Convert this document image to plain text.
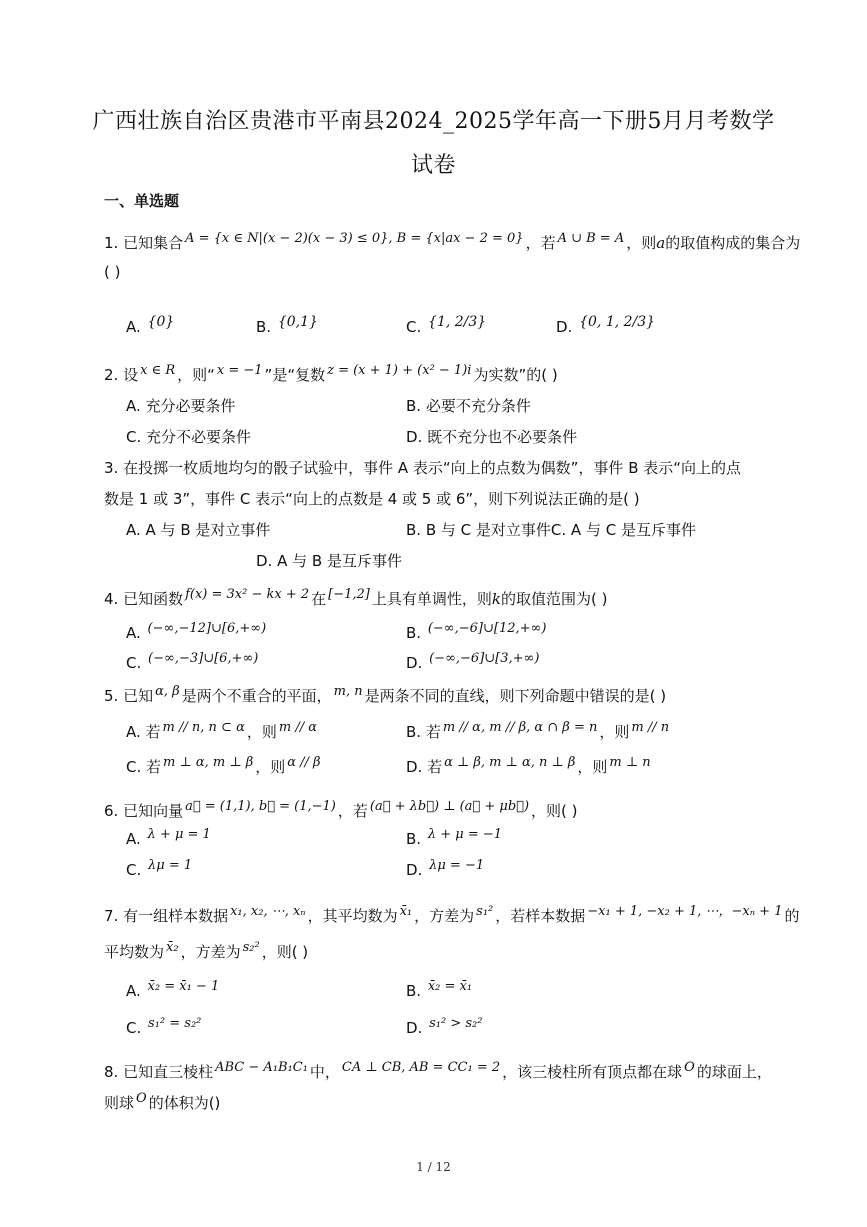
广西壮族自治区贵港市平南县2024_2025学年高一下册5月月考数学
试卷
一、单选题
1. 已知集合 A = {x ∈ N|(x − 2)(x − 3) ≤ 0}, B = {x|ax − 2 = 0} ，若 A ∪ B = A ，则a的取值构成的集合为
( )
A. {0}	B. {0,1}	C. {1, 2/3}	D. {0, 1, 2/3}
2. 设 x ∈ R ，则“ x = −1 ”是“复数 z = (x + 1) + (x² − 1)i 为实数”的( )
A. 充分必要条件	B. 必要不充分条件
C. 充分不必要条件	D. 既不充分也不必要条件
3. 在投掷一枚质地均匀的骰子试验中，事件 A 表示“向上的点数为偶数”，事件 B 表示“向上的点
数是 1 或 3”，事件 C 表示“向上的点数是 4 或 5 或 6”，则下列说法正确的是( )
A. A 与 B 是对立事件	B. B 与 C 是对立事件C. A 与 C 是互斥事件
D. A 与 B 是互斥事件
4. 已知函数 f(x) = 3x² − kx + 2 在 [−1,2] 上具有单调性，则k的取值范围为( )
A. (−∞,−12]∪[6,+∞)	B. (−∞,−6]∪[12,+∞)
C. (−∞,−3]∪[6,+∞)	D. (−∞,−6]∪[3,+∞)
5. 已知 α, β 是两个不重合的平面， m, n 是两条不同的直线，则下列命题中错误的是( )
A. 若 m // n, n ⊂ α ，则 m // α	B. 若 m // α, m // β, α ∩ β = n ，则 m // n
C. 若 m ⊥ α, m ⊥ β ，则 α // β	D. 若 α ⊥ β, m ⊥ α, n ⊥ β ，则 m ⊥ n
6. 已知向量 a⃗ = (1,1), b⃗ = (1,−1) ，若 (a⃗ + λb⃗) ⊥ (a⃗ + μb⃗) ，则( )
A. λ + μ = 1	B. λ + μ = −1
C. λμ = 1	D. λμ = −1
7. 有一组样本数据 x₁, x₂, ⋯, xₙ ，其平均数为 x̄₁ ，方差为 s₁² ，若样本数据 −x₁ + 1, −x₂ + 1, ⋯，−xₙ + 1 的
平均数为 x̄₂ ，方差为 s₂² ，则( )
A. x̄₂ = x̄₁ − 1	B. x̄₂ = x̄₁
C. s₁² = s₂²	D. s₁² > s₂²
8. 已知直三棱柱 ABC − A₁B₁C₁ 中， CA ⊥ CB, AB = CC₁ = 2 ，该三棱柱所有顶点都在球 O 的球面上，
则球 O 的体积为()
1 / 12
